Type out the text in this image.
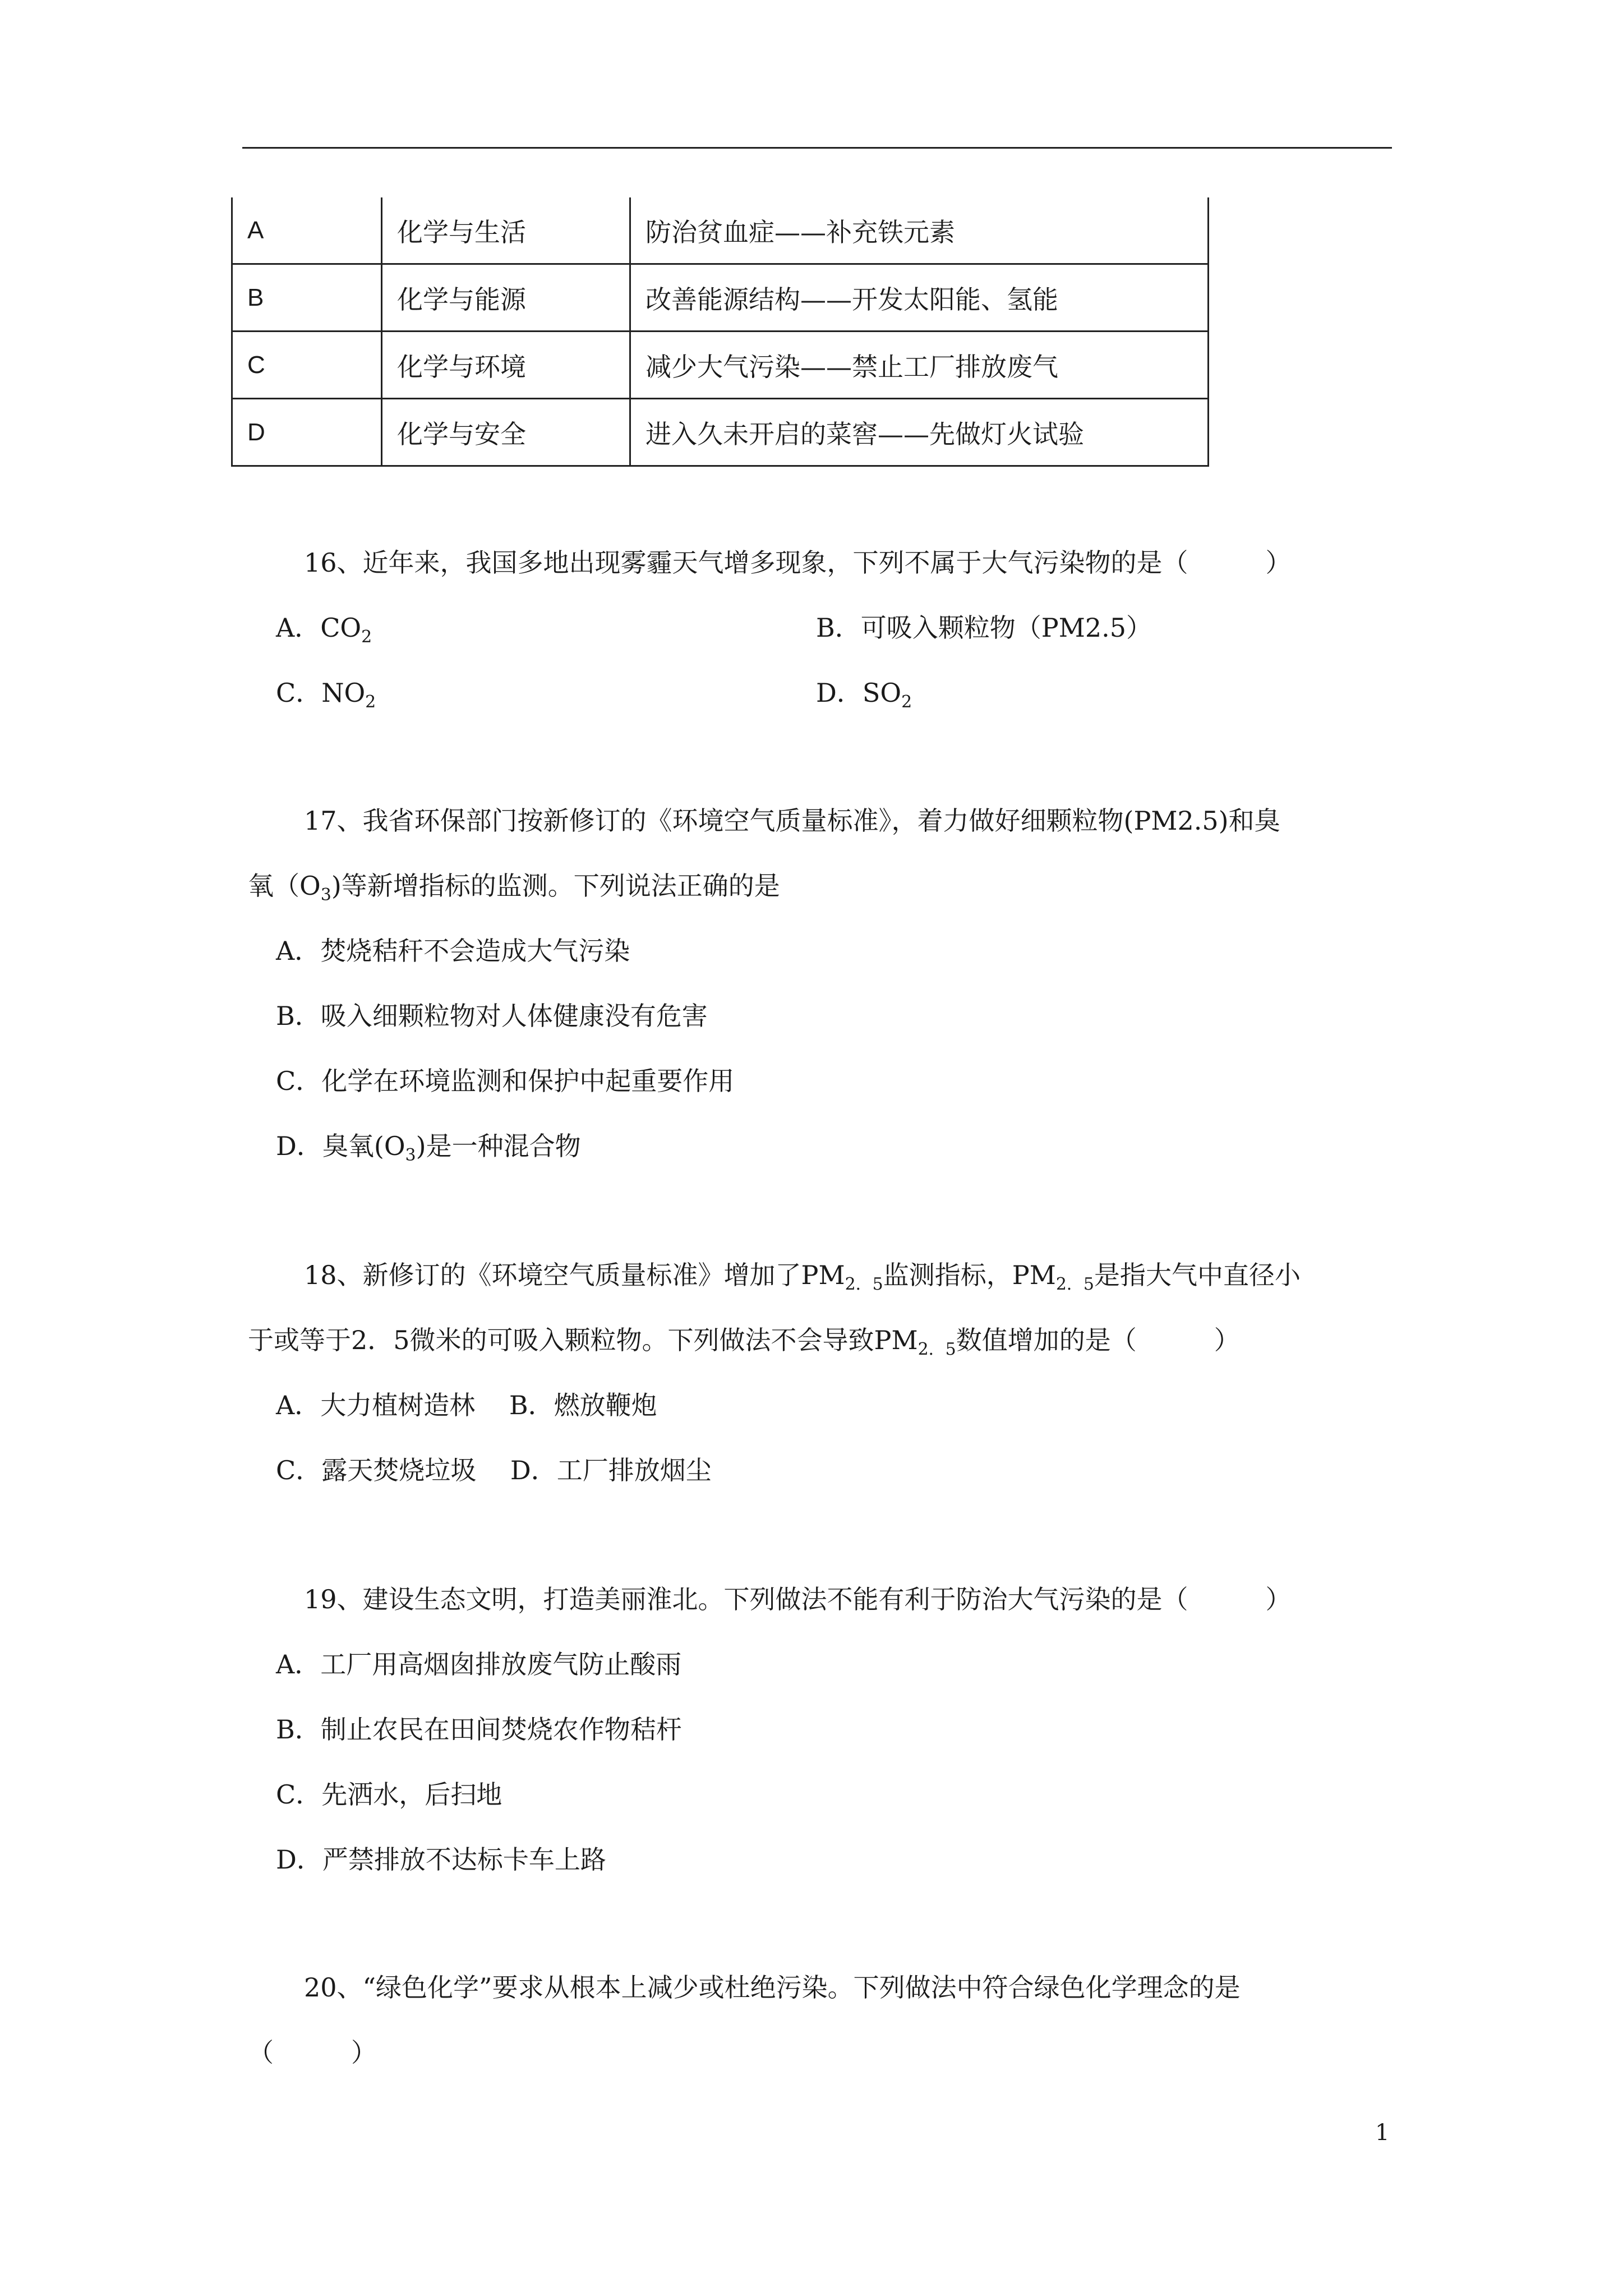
A	化学与生活	防治贫血症——补充铁元素
B	化学与能源	改善能源结构——开发太阳能、氢能
C	化学与环境	减少大气污染——禁止工厂排放废气
D	化学与安全	进入久未开启的菜窖——先做灯火试验
16、近年来，我国多地出现雾霾天气增多现象，下列不属于大气污染物的是（　　　）
A．$CO_2$	B．可吸入颗粒物（PM2.5）
C．$NO_2$	D．$SO_2$
17、我省环保部门按新修订的《环境空气质量标准》，着力做好细颗粒物(PM2.5)和臭
氧$(O_3)$等新增指标的监测。下列说法正确的是
A．焚烧秸秆不会造成大气污染
B．吸入细颗粒物对人体健康没有危害
C．化学在环境监测和保护中起重要作用
D．臭氧$(O_3)$是一种混合物
18、新修订的《环境空气质量标准》增加了$PM_{2.5}$监测指标，$PM_{2.5}$是指大气中直径小
于或等于2．5微米的可吸入颗粒物。下列做法不会导致$PM_{2.5}$数值增加的是（　　　）
A．大力植树造林　 B．燃放鞭炮
C．露天焚烧垃圾　 D．工厂排放烟尘
19、建设生态文明，打造美丽淮北。下列做法不能有利于防治大气污染的是（　　　）
A．工厂用高烟囱排放废气防止酸雨
B．制止农民在田间焚烧农作物秸杆
C．先洒水，后扫地
D．严禁排放不达标卡车上路
20、“绿色化学”要求从根本上减少或杜绝污染。下列做法中符合绿色化学理念的是
（　　　）
1
